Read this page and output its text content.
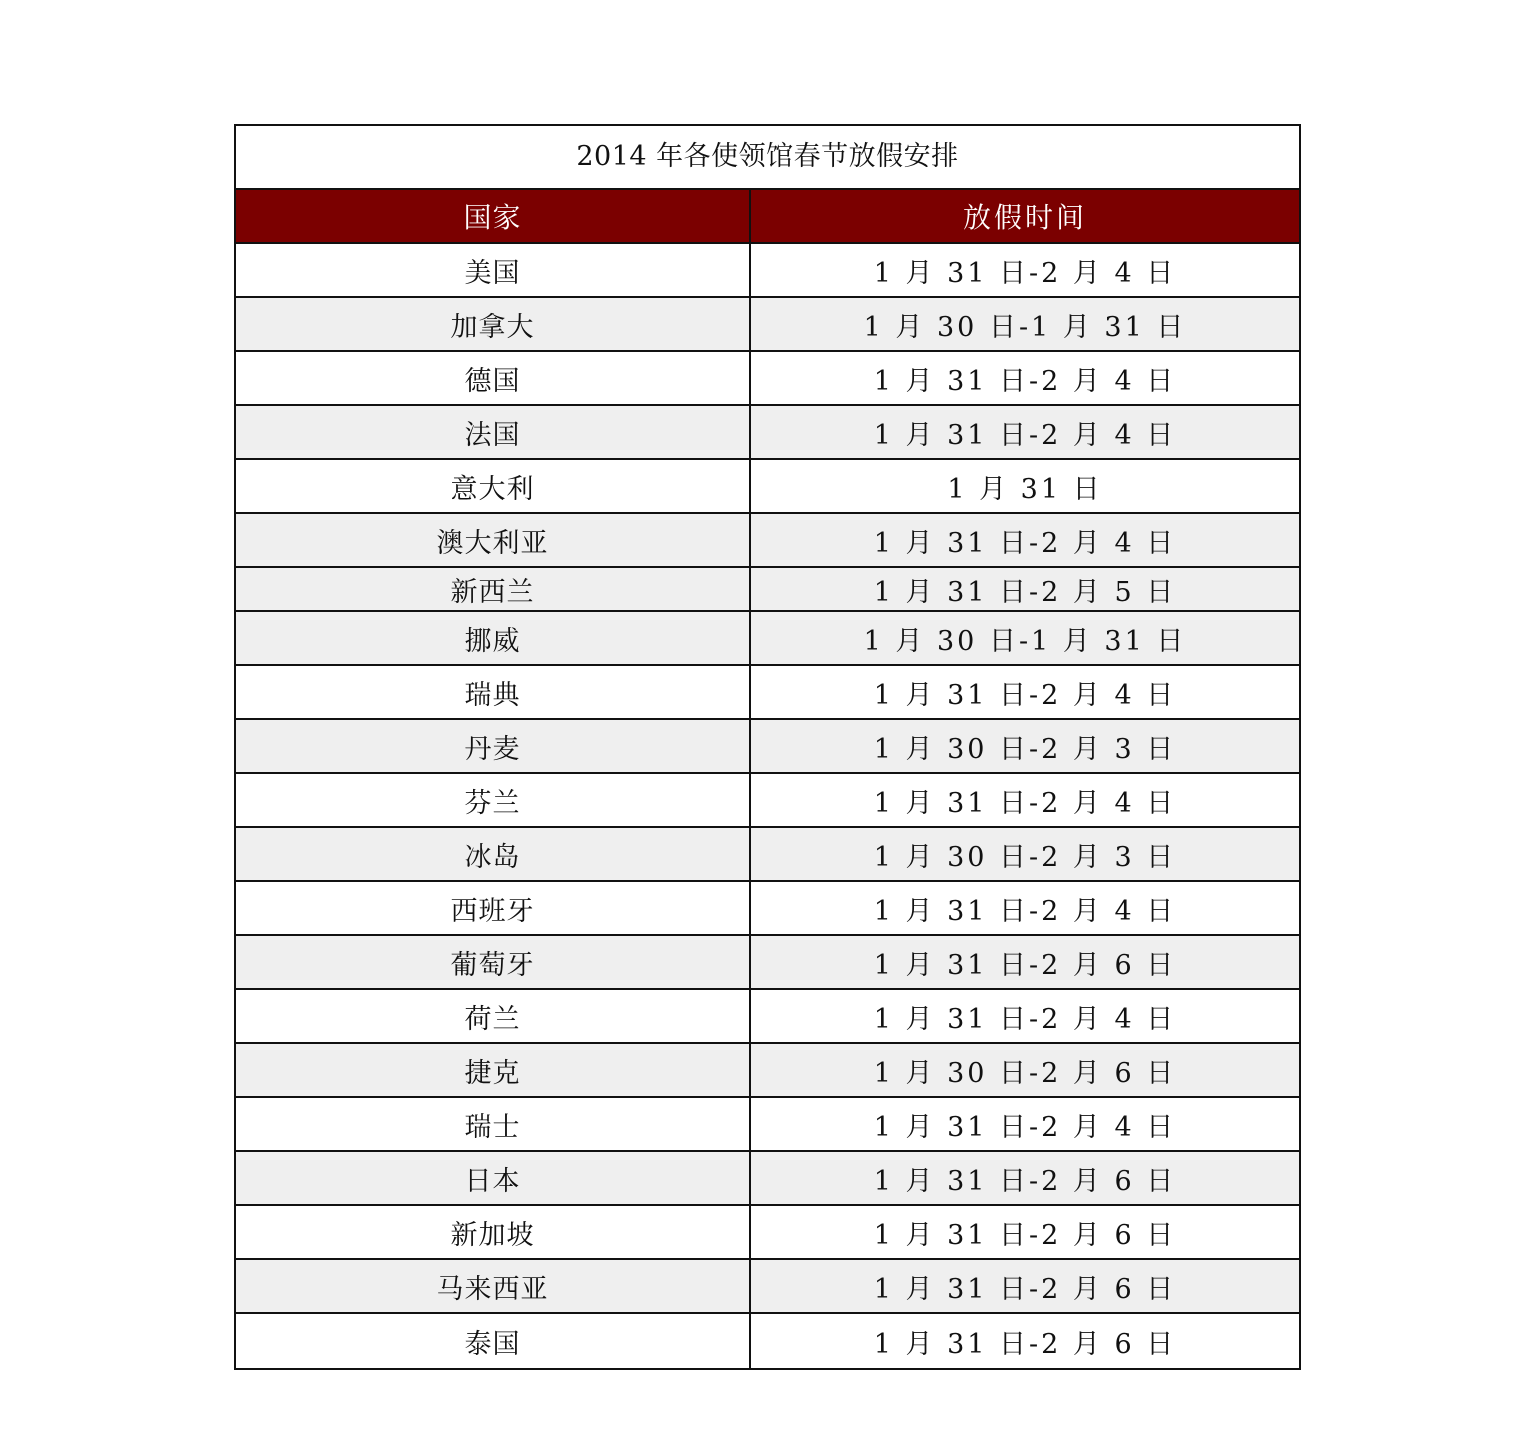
2014 年各使领馆春节放假安排
国家	放假时间
美国	1 月 31 日-2 月 4 日
加拿大	1 月 30 日-1 月 31 日
德国	1 月 31 日-2 月 4 日
法国	1 月 31 日-2 月 4 日
意大利	1 月 31 日
澳大利亚	1 月 31 日-2 月 4 日
新西兰	1 月 31 日-2 月 5 日
挪威	1 月 30 日-1 月 31 日
瑞典	1 月 31 日-2 月 4 日
丹麦	1 月 30 日-2 月 3 日
芬兰	1 月 31 日-2 月 4 日
冰岛	1 月 30 日-2 月 3 日
西班牙	1 月 31 日-2 月 4 日
葡萄牙	1 月 31 日-2 月 6 日
荷兰	1 月 31 日-2 月 4 日
捷克	1 月 30 日-2 月 6 日
瑞士	1 月 31 日-2 月 4 日
日本	1 月 31 日-2 月 6 日
新加坡	1 月 31 日-2 月 6 日
马来西亚	1 月 31 日-2 月 6 日
泰国	1 月 31 日-2 月 6 日
